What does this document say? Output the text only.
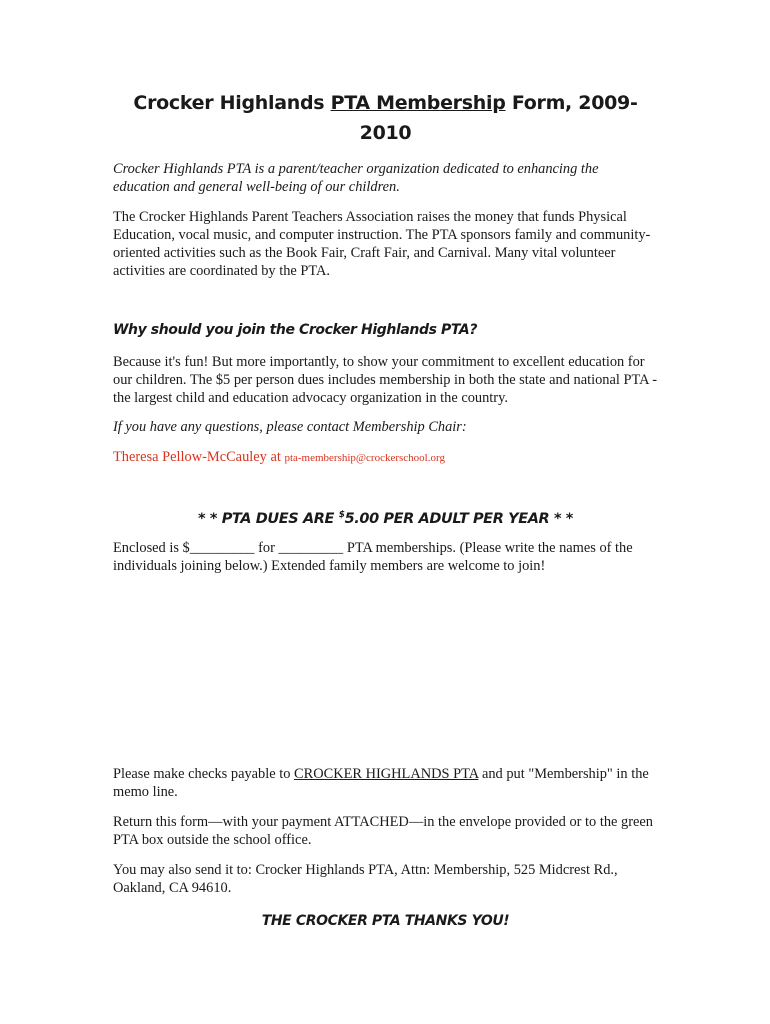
Crocker Highlands PTA Membership Form, 2009-2010

Crocker Highlands PTA is a parent/teacher organization dedicated to enhancing the education and general well-being of our children.

The Crocker Highlands Parent Teachers Association raises the money that funds Physical Education, vocal music, and computer instruction. The PTA sponsors family and community-oriented activities such as the Book Fair, Craft Fair, and Carnival. Many vital volunteer activities are coordinated by the PTA.

Why should you join the Crocker Highlands PTA?

Because it's fun! But more importantly, to show your commitment to excellent education for our children. The $5 per person dues includes membership in both the state and national PTA - the largest child and education advocacy organization in the country.

If you have any questions, please contact Membership Chair:

Theresa Pellow-McCauley at pta-membership@crockerschool.org

* * PTA DUES ARE $5.00 PER ADULT PER YEAR * *

Enclosed is $_________ for _________ PTA memberships. (Please write the names of the individuals joining below.) Extended family members are welcome to join!

Please make checks payable to CROCKER HIGHLANDS PTA and put "Membership" in the memo line.

Return this form—with your payment ATTACHED—in the envelope provided or to the green PTA box outside the school office.

You may also send it to: Crocker Highlands PTA, Attn: Membership, 525 Midcrest Rd., Oakland, CA 94610.

THE CROCKER PTA THANKS YOU!
